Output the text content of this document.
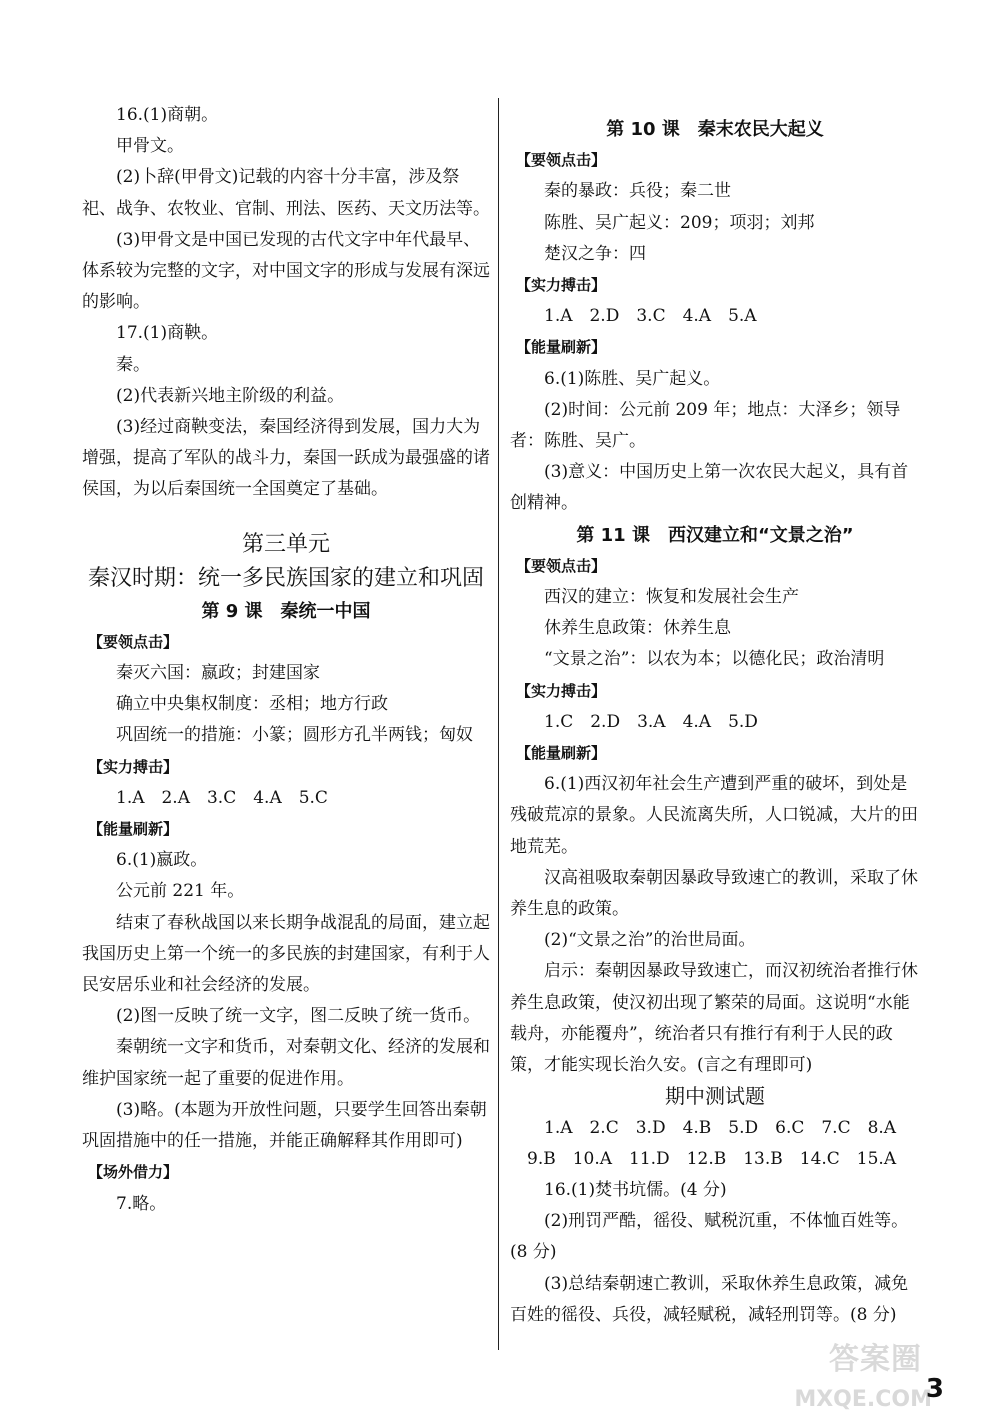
16.(1)商朝。

甲骨文。

(2)卜辞(甲骨文)记载的内容十分丰富，涉及祭祀、战争、农牧业、官制、刑法、医药、天文历法等。

(3)甲骨文是中国已发现的古代文字中年代最早、体系较为完整的文字，对中国文字的形成与发展有深远的影响。

17.(1)商鞅。

秦。

(2)代表新兴地主阶级的利益。

(3)经过商鞅变法，秦国经济得到发展，国力大为增强，提高了军队的战斗力，秦国一跃成为最强盛的诸侯国，为以后秦国统一全国奠定了基础。

第三单元

秦汉时期：统一多民族国家的建立和巩固

第 9 课　秦统一中国

【要领点击】

秦灭六国：嬴政；封建国家

确立中央集权制度：丞相；地方行政

巩固统一的措施：小篆；圆形方孔半两钱；匈奴

【实力搏击】

1.A　2.A　3.C　4.A　5.C

【能量刷新】

6.(1)嬴政。

公元前 221 年。

结束了春秋战国以来长期争战混乱的局面，建立起我国历史上第一个统一的多民族的封建国家，有利于人民安居乐业和社会经济的发展。

(2)图一反映了统一文字，图二反映了统一货币。

秦朝统一文字和货币，对秦朝文化、经济的发展和维护国家统一起了重要的促进作用。

(3)略。(本题为开放性问题，只要学生回答出秦朝巩固措施中的任一措施，并能正确解释其作用即可)

【场外借力】

7.略。

第 10 课　秦末农民大起义

【要领点击】

秦的暴政：兵役；秦二世

陈胜、吴广起义：209；项羽；刘邦

楚汉之争：四

【实力搏击】

1.A　2.D　3.C　4.A　5.A

【能量刷新】

6.(1)陈胜、吴广起义。

(2)时间：公元前 209 年；地点：大泽乡；领导者：陈胜、吴广。

(3)意义：中国历史上第一次农民大起义，具有首创精神。

第 11 课　西汉建立和“文景之治”

【要领点击】

西汉的建立：恢复和发展社会生产

休养生息政策：休养生息

“文景之治”：以农为本；以德化民；政治清明

【实力搏击】

1.C　2.D　3.A　4.A　5.D

【能量刷新】

6.(1)西汉初年社会生产遭到严重的破坏，到处是残破荒凉的景象。人民流离失所，人口锐减，大片的田地荒芜。

汉高祖吸取秦朝因暴政导致速亡的教训，采取了休养生息的政策。

(2)“文景之治”的治世局面。

启示：秦朝因暴政导致速亡，而汉初统治者推行休养生息政策，使汉初出现了繁荣的局面。这说明“水能载舟，亦能覆舟”，统治者只有推行有利于人民的政策，才能实现长治久安。(言之有理即可)

期中测试题

1.A　2.C　3.D　4.B　5.D　6.C　7.C　8.A

9.B　10.A　11.D　12.B　13.B　14.C　15.A

16.(1)焚书坑儒。(4 分)

(2)刑罚严酷，徭役、赋税沉重，不体恤百姓等。(8 分)

(3)总结秦朝速亡教训，采取休养生息政策，减免百姓的徭役、兵役，减轻赋税，减轻刑罚等。(8 分)

答案圈
MXQE.COM
3
